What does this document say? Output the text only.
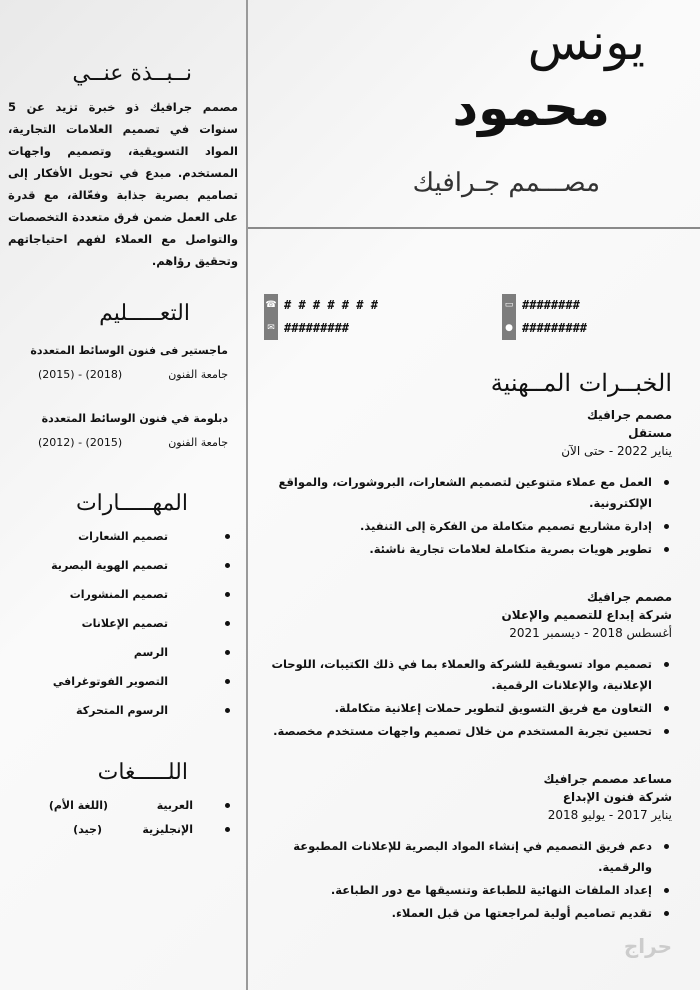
يونس
محمود
مصـــمم جـرافيك
نــبــذة عنــي
مصمم جرافيك ذو خبرة تزيد عن 5 سنوات في تصميم العلامات التجارية، المواد التسويقية، وتصميم واجهات المستخدم. مبدع في تحويل الأفكار إلى تصاميم بصرية جذابة وفعّالة، مع قدرة على العمل ضمن فرق متعددة التخصصات والتواصل مع العملاء لفهم احتياجاتهم وتحقيق رؤاهم.
التعـــــليم
ماجستير فى فنون الوسائط المتعددة
جامعة الفنون
(2018) - (2015)
دبلومة في فنون الوسائط المتعددة
جامعة الفنون
(2015) - (2012)
المهـــــارات
تصميم الشعارات
تصميم الهوية البصرية
تصميم المنشورات
تصميم الإعلانات
الرسم
التصوير الفوتوغرافي
الرسوم المتحركة
اللـــــغات
العربية
(اللغة الأم)
الإنجليزية
(جيد)
☎
✉
# # # # # # #
#########
▭
●
########
#########
الخبــرات المــهنية
مصمم جرافيك
مستقل
يناير 2022 - حتى الآن
العمل مع عملاء متنوعين لتصميم الشعارات، البروشورات، والمواقع الإلكترونية.
إدارة مشاريع تصميم متكاملة من الفكرة إلى التنفيذ.
تطوير هويات بصرية متكاملة لعلامات تجارية ناشئة.
مصمم جرافيك
شركة إبداع للتصميم والإعلان
أغسطس 2018 - ديسمبر 2021
تصميم مواد تسويقية للشركة والعملاء بما في ذلك الكتيبات، اللوحات الإعلانية، والإعلانات الرقمية.
التعاون مع فريق التسويق لتطوير حملات إعلانية متكاملة.
تحسين تجربة المستخدم من خلال تصميم واجهات مستخدم مخصصة.
مساعد مصمم جرافيك
شركة فنون الإبداع
يناير 2017 - يوليو 2018
دعم فريق التصميم في إنشاء المواد البصرية للإعلانات المطبوعة والرقمية.
إعداد الملفات النهائية للطباعة وتنسيقها مع دور الطباعة.
تقديم تصاميم أولية لمراجعتها من قبل العملاء.
حراج
